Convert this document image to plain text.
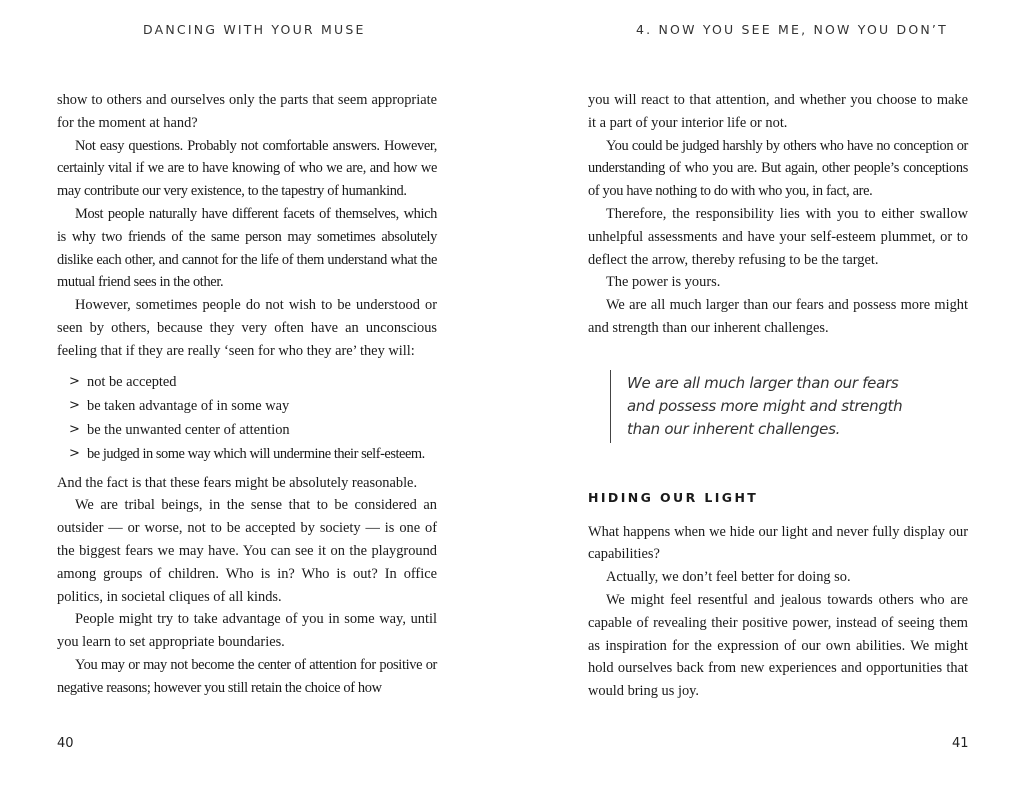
DANCING WITH YOUR MUSE

show to others and ourselves only the parts that seem appropriate for the moment at hand?

Not easy questions. Probably not comfortable answers. However, certainly vital if we are to have knowing of who we are, and how we may contribute our very existence, to the tapestry of humankind.

Most people naturally have different facets of themselves, which is why two friends of the same person may sometimes absolutely dislike each other, and cannot for the life of them understand what the mutual friend sees in the other.

However, sometimes people do not wish to be understood or seen by others, because they very often have an unconscious feeling that if they are really ‘seen for who they are’ they will:

> not be accepted
> be taken advantage of in some way
> be the unwanted center of attention
> be judged in some way which will undermine their self-esteem.

And the fact is that these fears might be absolutely reasonable.

We are tribal beings, in the sense that to be considered an outsider — or worse, not to be accepted by society — is one of the biggest fears we may have. You can see it on the playground among groups of children. Who is in? Who is out? In office politics, in societal cliques of all kinds.

People might try to take advantage of you in some way, until you learn to set appropriate boundaries.

You may or may not become the center of attention for positive or negative reasons; however you still retain the choice of how

40
4. NOW YOU SEE ME, NOW YOU DON’T

you will react to that attention, and whether you choose to make it a part of your interior life or not.

You could be judged harshly by others who have no conception or understanding of who you are. But again, other people’s conceptions of you have nothing to do with who you, in fact, are.

Therefore, the responsibility lies with you to either swallow unhelpful assessments and have your self-esteem plummet, or to deflect the arrow, thereby refusing to be the target.

The power is yours.

We are all much larger than our fears and possess more might and strength than our inherent challenges.

We are all much larger than our fears
and possess more might and strength
than our inherent challenges.
HIDING OUR LIGHT

What happens when we hide our light and never fully display our capabilities?

Actually, we don’t feel better for doing so.

We might feel resentful and jealous towards others who are capable of revealing their positive power, instead of seeing them as inspiration for the expression of our own abilities. We might hold ourselves back from new experiences and opportunities that would bring us joy.

41
